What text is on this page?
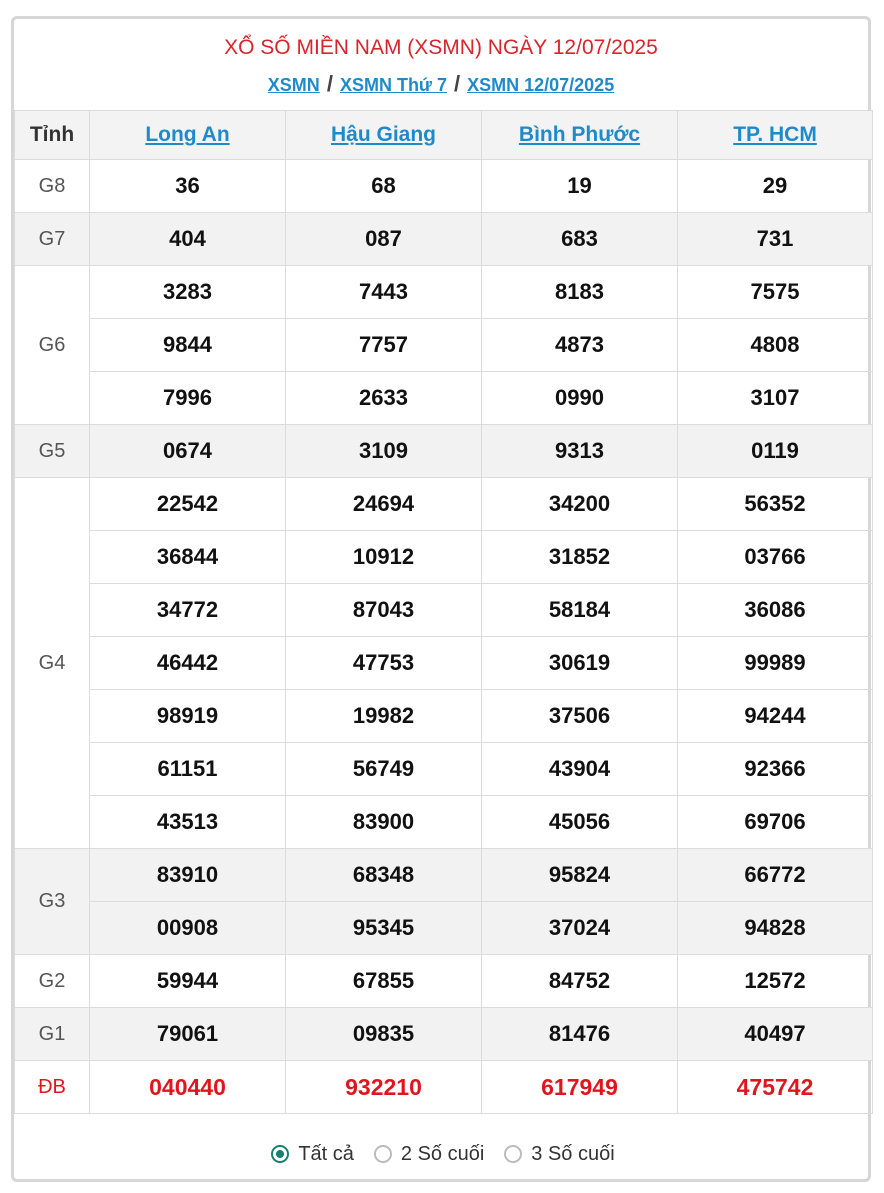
XỔ SỐ MIỀN NAM (XSMN) NGÀY 12/07/2025
XSMN / XSMN Thứ 7 / XSMN 12/07/2025
Tỉnh	Long An	Hậu Giang	Bình Phước	TP. HCM
G8	36	68	19	29
G7	404	087	683	731
G6	3283	7443	8183	7575
	9844	7757	4873	4808
	7996	2633	0990	3107
G5	0674	3109	9313	0119
G4	22542	24694	34200	56352
	36844	10912	31852	03766
	34772	87043	58184	36086
	46442	47753	30619	99989
	98919	19982	37506	94244
	61151	56749	43904	92366
	43513	83900	45056	69706
G3	83910	68348	95824	66772
	00908	95345	37024	94828
G2	59944	67855	84752	12572
G1	79061	09835	81476	40497
ĐB	040440	932210	617949	475742
Tất cả 2 Số cuối 3 Số cuối
